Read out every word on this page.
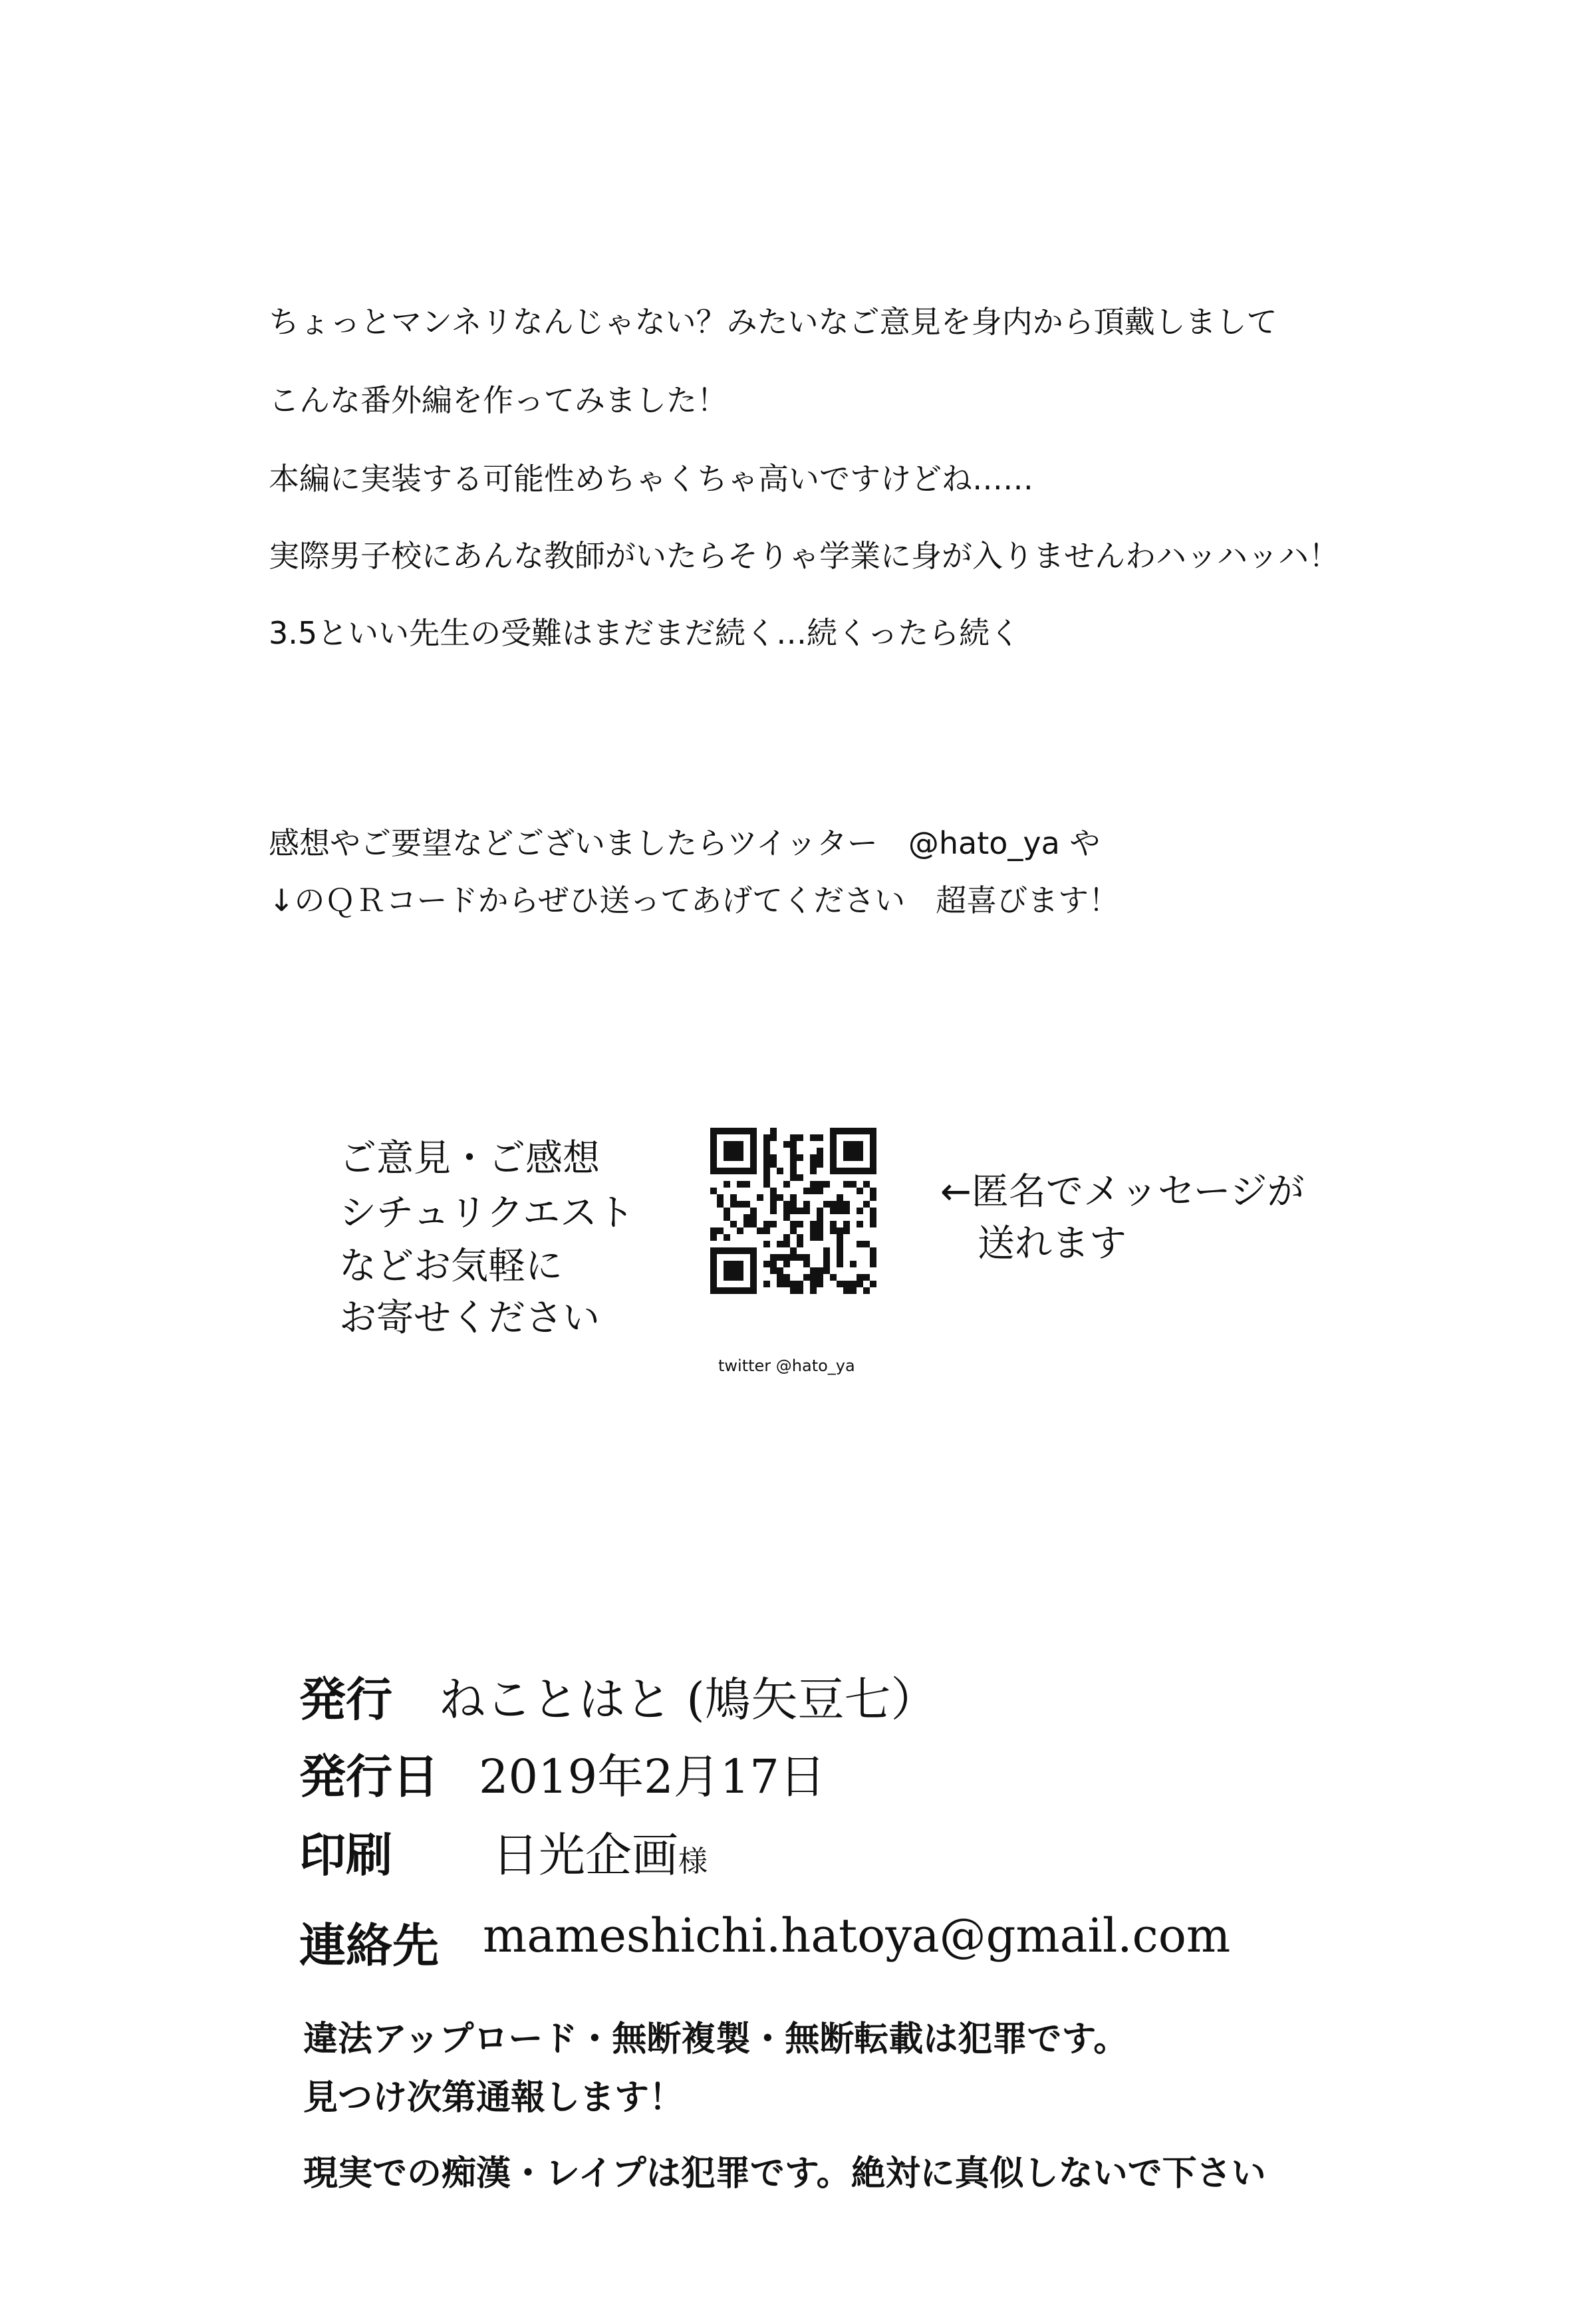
ちょっとマンネリなんじゃない？みたいなご意見を身内から頂戴しまして
こんな番外編を作ってみました！
本編に実装する可能性めちゃくちゃ高いですけどね……
実際男子校にあんな教師がいたらそりゃ学業に身が入りませんわハッハッハ！
3.5といい先生の受難はまだまだ続く…続くったら続く
感想やご要望などございましたらツイッター　@hato_ya や
↓のＱＲコードからぜひ送ってあげてください　超喜びます！
ご意見・ご感想
シチュリクエスト
などお気軽に
お寄せください
←匿名でメッセージが
送れます
twitter @hato_ya
発行 ねことはと (鳩矢豆七）
発行日 2019年2月17日
印刷 日光企画様
連絡先 mameshichi.hatoya@gmail.com
違法アップロード・無断複製・無断転載は犯罪です。
見つけ次第通報します！
現実での痴漢・レイプは犯罪です。絶対に真似しないで下さい
